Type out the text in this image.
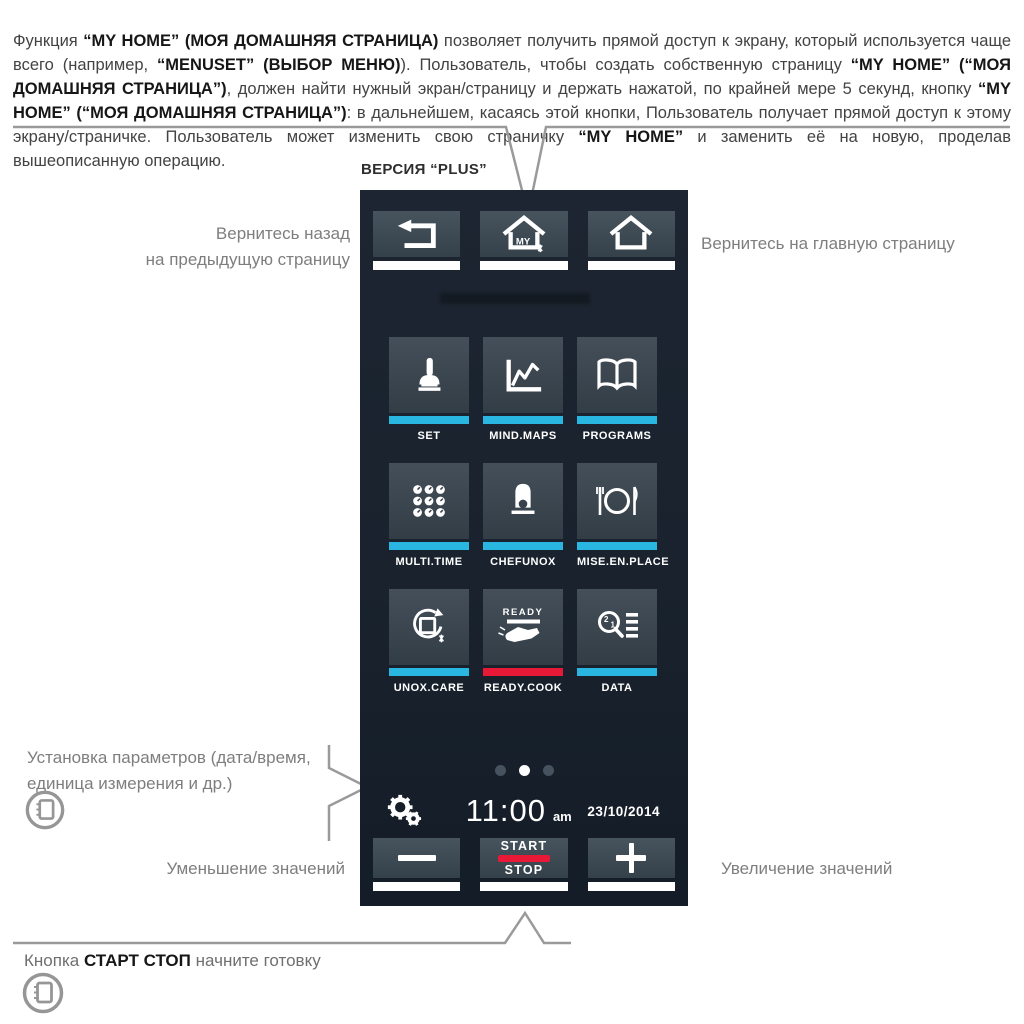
Функция “MY HOME” (МОЯ ДОМАШНЯЯ СТРАНИЦА) позволяет получить прямой доступ к экрану, который используется чаще всего (например, “MENUSET” (ВЫБОР МЕНЮ)). Пользователь, чтобы создать собственную страницу “MY HOME” (“МОЯ ДОМАШНЯЯ СТРАНИЦА”), должен найти нужный экран/страницу и держать нажатой, по крайней мере 5 секунд, кнопку “MY HOME” (“МОЯ ДОМАШНЯЯ СТРАНИЦА”): в дальнейшем, касаясь этой кнопки, Пользователь получает прямой доступ к этому экрану/страничке. Пользователь может изменить свою страничку “MY HOME” и заменить её на новую, проделав вышеописанную операцию.	ВЕРСИЯ “PLUS”
Вернитесь назад
на предыдущую страницу
Вернитесь на главную страницу
Установка параметров (дата/время,
единица измерения и др.)
Уменьшение значений	Увеличение значений
Кнопка СТАРТ СТОП начните готовку
MY
SET	MIND.MAPS	PROGRAMS
MULTI.TIME	CHEFUNOX	MISE.EN.PLACE
UNOX.CARE
READY
READY.COOK
2
1
DATA
11:00 am 23/10/2014
START
STOP
